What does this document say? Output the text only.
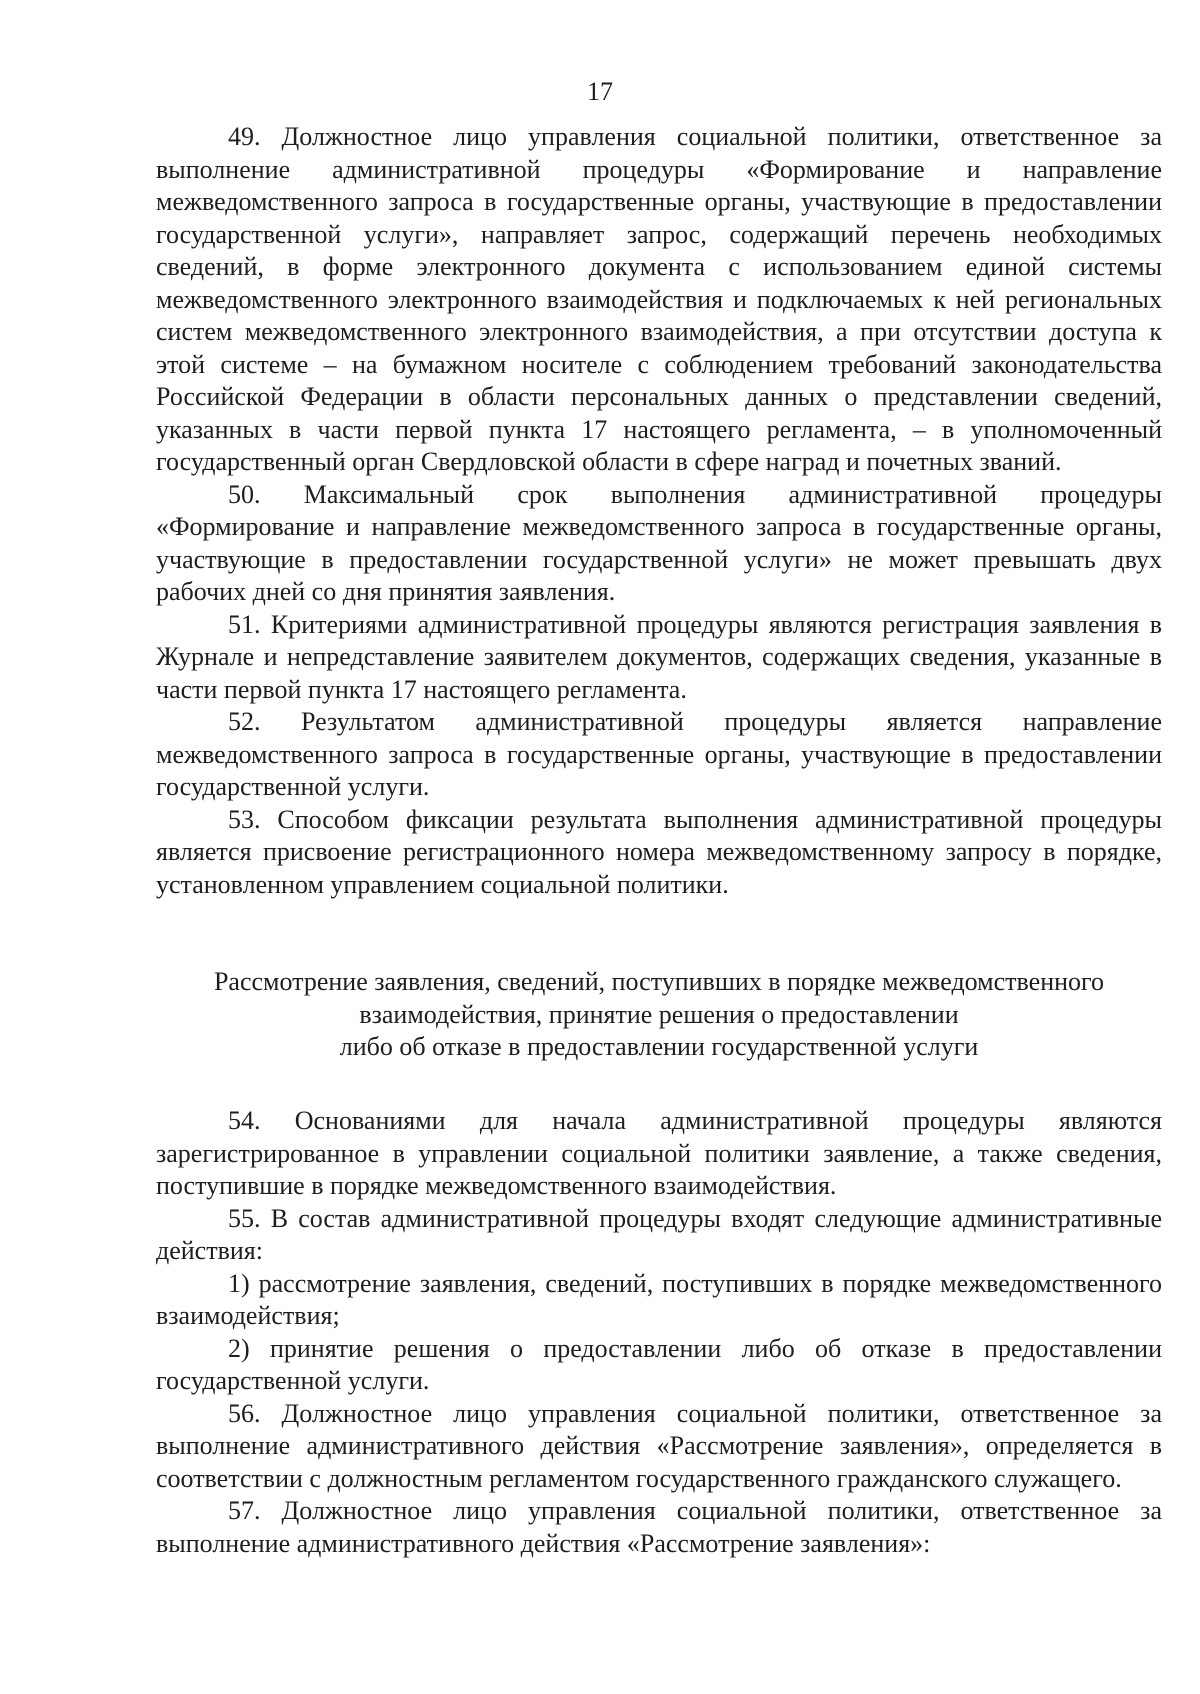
17

49. Должностное лицо управления социальной политики, ответственное за выполнение административной процедуры «Формирование и направление межведомственного запроса в государственные органы, участвующие в предоставлении государственной услуги», направляет запрос, содержащий перечень необходимых сведений, в форме электронного документа с использованием единой системы межведомственного электронного взаимодействия и подключаемых к ней региональных систем межведомственного электронного взаимодействия, а при отсутствии доступа к этой системе – на бумажном носителе с соблюдением требований законодательства Российской Федерации в области персональных данных о представлении сведений, указанных в части первой пункта 17 настоящего регламента, – в уполномоченный государственный орган Свердловской области в сфере наград и почетных званий.

50. Максимальный срок выполнения административной процедуры «Формирование и направление межведомственного запроса в государственные органы, участвующие в предоставлении государственной услуги» не может превышать двух рабочих дней со дня принятия заявления.

51. Критериями административной процедуры являются регистрация заявления в Журнале и непредставление заявителем документов, содержащих сведения, указанные в части первой пункта 17 настоящего регламента.

52. Результатом административной процедуры является направление межведомственного запроса в государственные органы, участвующие в предоставлении государственной услуги.

53. Способом фиксации результата выполнения административной процедуры является присвоение регистрационного номера межведомственному запросу в порядке, установленном управлением социальной политики.

Рассмотрение заявления, сведений, поступивших в порядке межведомственного
взаимодействия, принятие решения о предоставлении
либо об отказе в предоставлении государственной услуги

54. Основаниями для начала административной процедуры являются зарегистрированное в управлении социальной политики заявление, а также сведения, поступившие в порядке межведомственного взаимодействия.

55. В состав административной процедуры входят следующие административные действия:

1) рассмотрение заявления, сведений, поступивших в порядке межведомственного взаимодействия;

2) принятие решения о предоставлении либо об отказе в предоставлении государственной услуги.

56. Должностное лицо управления социальной политики, ответственное за выполнение административного действия «Рассмотрение заявления», определяется в соответствии с должностным регламентом государственного гражданского служащего.

57. Должностное лицо управления социальной политики, ответственное за выполнение административного действия «Рассмотрение заявления»:
